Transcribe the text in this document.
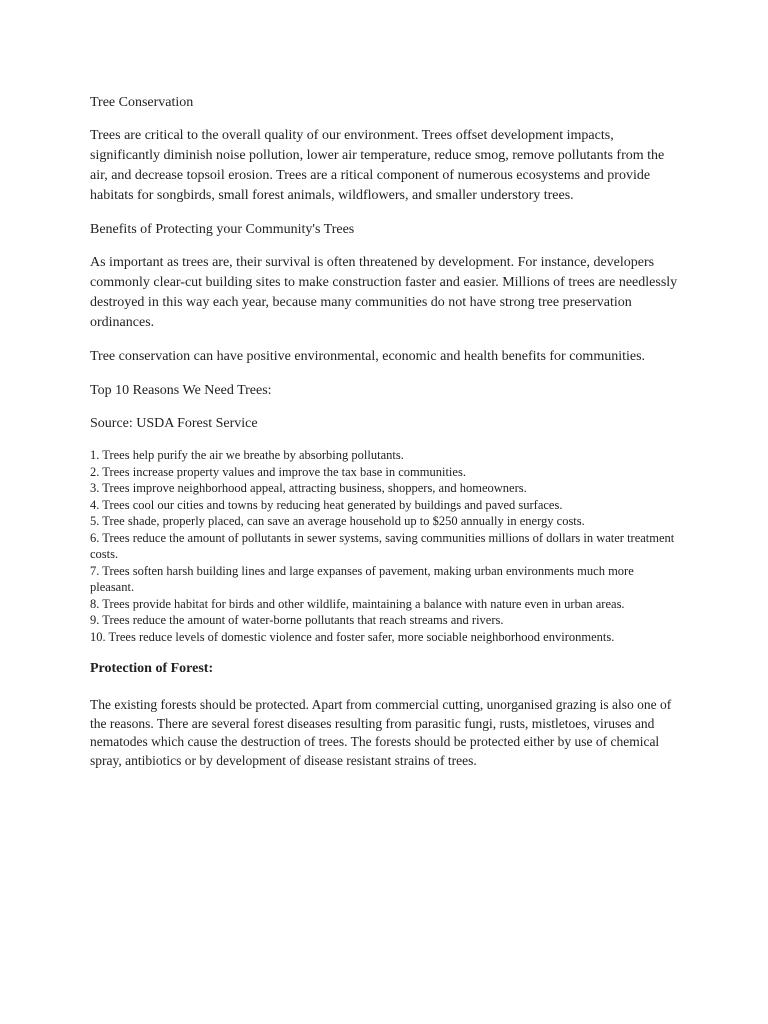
Tree Conservation

Trees are critical to the overall quality of our environment. Trees offset development impacts, significantly diminish noise pollution, lower air temperature, reduce smog, remove pollutants from the air, and decrease topsoil erosion. Trees are a ritical component of numerous ecosystems and provide habitats for songbirds, small forest animals, wildflowers, and smaller understory trees.

Benefits of Protecting your Community's Trees

As important as trees are, their survival is often threatened by development. For instance, developers commonly clear-cut building sites to make construction faster and easier. Millions of trees are needlessly destroyed in this way each year, because many communities do not have strong tree preservation ordinances.

Tree conservation can have positive environmental, economic and health benefits for communities.

Top 10 Reasons We Need Trees:

Source: USDA Forest Service

1. Trees help purify the air we breathe by absorbing pollutants.
2. Trees increase property values and improve the tax base in communities.
3. Trees improve neighborhood appeal, attracting business, shoppers, and homeowners.
4. Trees cool our cities and towns by reducing heat generated by buildings and paved surfaces.
5. Tree shade, properly placed, can save an average household up to $250 annually in energy costs.
6. Trees reduce the amount of pollutants in sewer systems, saving communities millions of dollars in water treatment costs.
7. Trees soften harsh building lines and large expanses of pavement, making urban environments much more pleasant.
8. Trees provide habitat for birds and other wildlife, maintaining a balance with nature even in urban areas.
9. Trees reduce the amount of water-borne pollutants that reach streams and rivers.
10. Trees reduce levels of domestic violence and foster safer, more sociable neighborhood environments.

Protection of Forest:

The existing forests should be protected. Apart from commercial cutting, unorganised grazing is also one of the reasons. There are several forest diseases resulting from parasitic fungi, rusts, mistletoes, viruses and nematodes which cause the destruction of trees. The forests should be protected either by use of chemical spray, antibiotics or by development of disease resistant strains of trees.
